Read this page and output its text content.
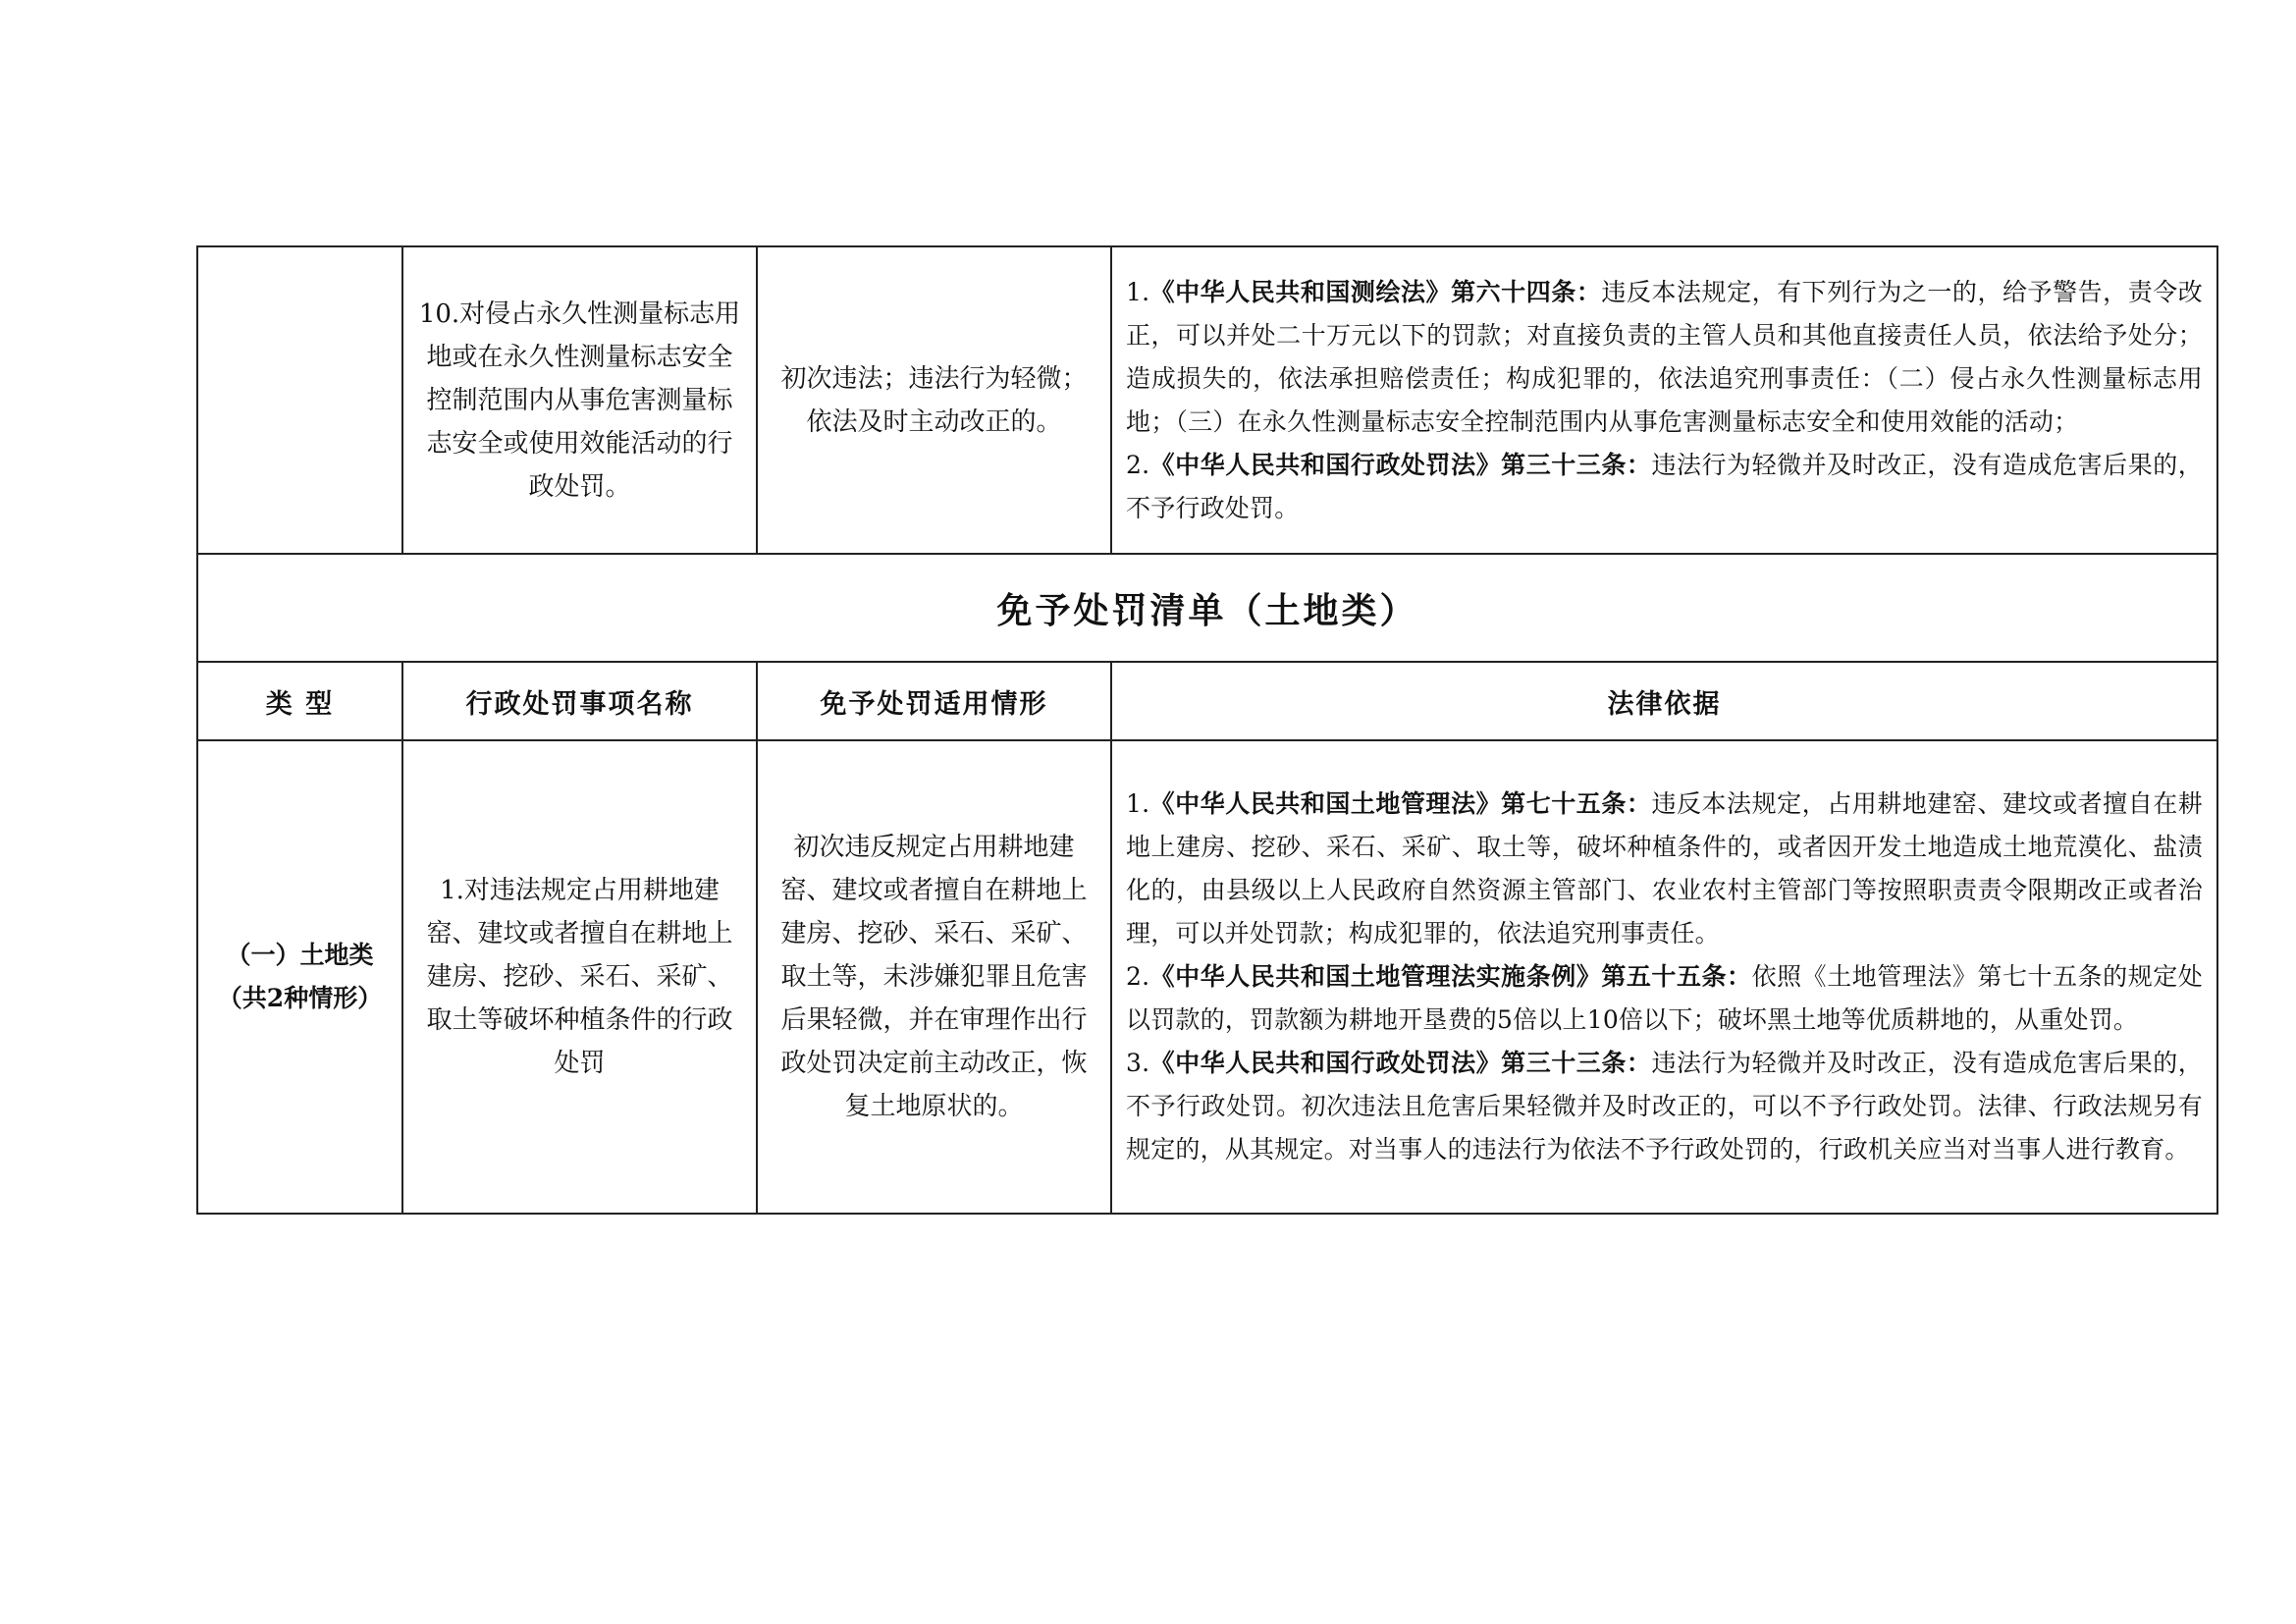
	10.对侵占永久性测量标志用地或在永久性测量标志安全控制范围内从事危害测量标志安全或使用效能活动的行政处罚。	初次违法；违法行为轻微；依法及时主动改正的。	1.《中华人民共和国测绘法》第六十四条：违反本法规定，有下列行为之一的，给予警告，责令改正，可以并处二十万元以下的罚款；对直接负责的主管人员和其他直接责任人员，依法给予处分；造成损失的，依法承担赔偿责任；构成犯罪的，依法追究刑事责任：（二）侵占永久性测量标志用地；（三）在永久性测量标志安全控制范围内从事危害测量标志安全和使用效能的活动；
2.《中华人民共和国行政处罚法》第三十三条：违法行为轻微并及时改正，没有造成危害后果的，不予行政处罚。

免予处罚清单（土地类）			
类 型	行政处罚事项名称	免予处罚适用情形	法律依据

（一）土地类
（共2种情形）	1.对违法规定占用耕地建窑、建坟或者擅自在耕地上建房、挖砂、采石、采矿、取土等破坏种植条件的行政处罚	初次违反规定占用耕地建窑、建坟或者擅自在耕地上建房、挖砂、采石、采矿、取土等，未涉嫌犯罪且危害后果轻微，并在审理作出行政处罚决定前主动改正，恢复土地原状的。	1.《中华人民共和国土地管理法》第七十五条：违反本法规定，占用耕地建窑、建坟或者擅自在耕地上建房、挖砂、采石、采矿、取土等，破坏种植条件的，或者因开发土地造成土地荒漠化、盐渍化的，由县级以上人民政府自然资源主管部门、农业农村主管部门等按照职责责令限期改正或者治理，可以并处罚款；构成犯罪的，依法追究刑事责任。
2.《中华人民共和国土地管理法实施条例》第五十五条：依照《土地管理法》第七十五条的规定处以罚款的，罚款额为耕地开垦费的5倍以上10倍以下；破坏黑土地等优质耕地的，从重处罚。
3.《中华人民共和国行政处罚法》第三十三条：违法行为轻微并及时改正，没有造成危害后果的，不予行政处罚。初次违法且危害后果轻微并及时改正的，可以不予行政处罚。法律、行政法规另有规定的，从其规定。对当事人的违法行为依法不予行政处罚的，行政机关应当对当事人进行教育。
